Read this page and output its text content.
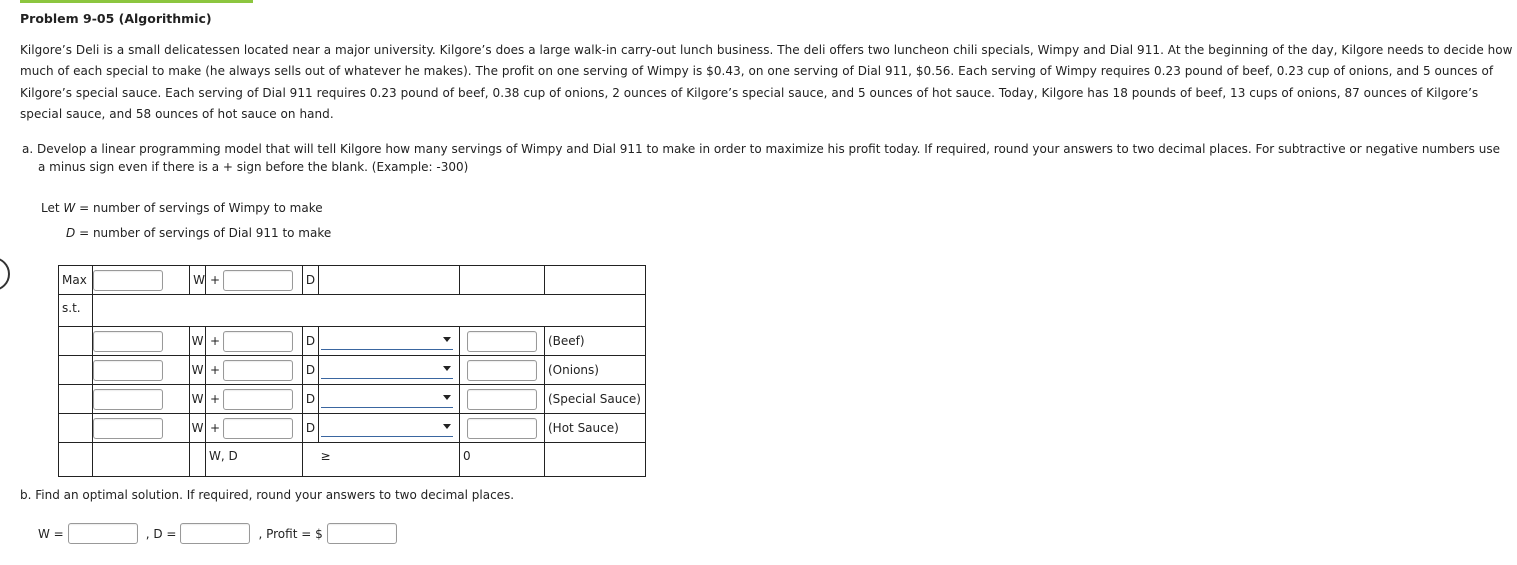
Problem 9-05 (Algorithmic)
Kilgore’s Deli is a small delicatessen located near a major university. Kilgore’s does a large walk-in carry-out lunch business. The deli offers two luncheon chili specials, Wimpy and Dial 911. At the beginning of the day, Kilgore needs to decide how
much of each special to make (he always sells out of whatever he makes). The profit on one serving of Wimpy is $0.43, on one serving of Dial 911, $0.56. Each serving of Wimpy requires 0.23 pound of beef, 0.23 cup of onions, and 5 ounces of
Kilgore’s special sauce. Each serving of Dial 911 requires 0.23 pound of beef, 0.38 cup of onions, 2 ounces of Kilgore’s special sauce, and 5 ounces of hot sauce. Today, Kilgore has 18 pounds of beef, 13 cups of onions, 87 ounces of Kilgore’s
special sauce, and 58 ounces of hot sauce on hand.
a. Develop a linear programming model that will tell Kilgore how many servings of Wimpy and Dial 911 to make in order to maximize his profit today. If required, round your answers to two decimal places. For subtractive or negative numbers use
a minus sign even if there is a + sign before the blank. (Example: -300)
Let W = number of servings of Wimpy to make
D = number of servings of Dial 911 to make
Max		W	+	D			
s.t.							

	W	+	D			(Beef)

	W	+	D			(Onions)

	W	+	D			(Special Sauce)

	W	+	D			(Hot Sauce)
			W, D		≥	0	
b. Find an optimal solution. If required, round your answers to two decimal places.
W =	, D =	, Profit = $
